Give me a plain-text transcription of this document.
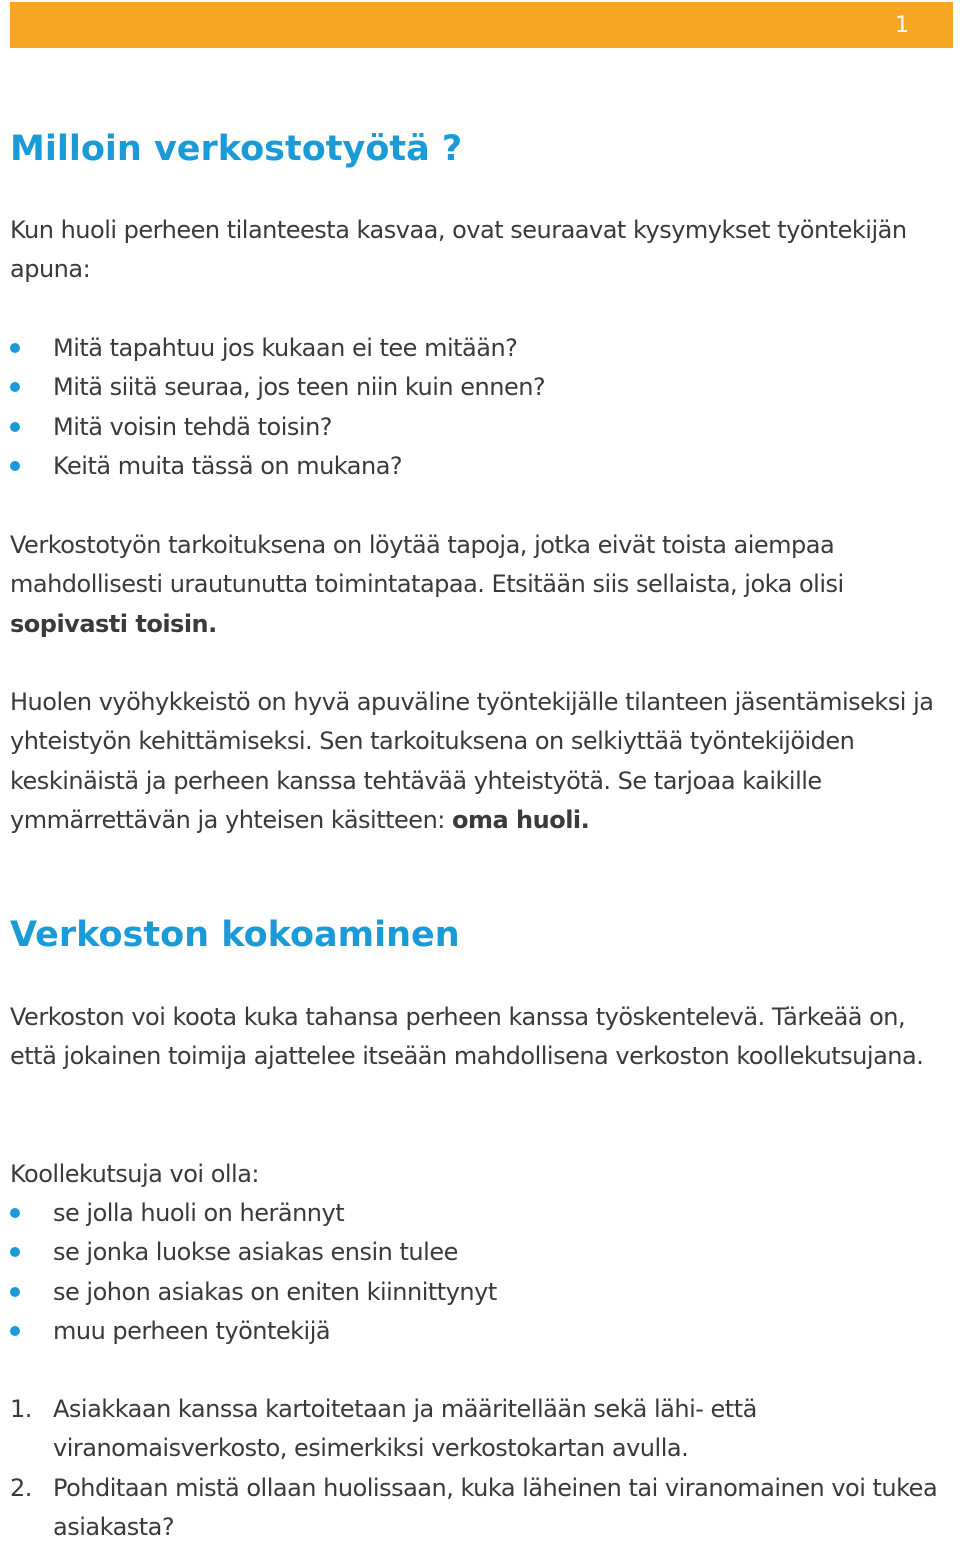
1
Milloin verkostotyötä ?

Kun huoli perheen tilanteesta kasvaa, ovat seuraavat kysymykset työntekijän apuna:

Mitä tapahtuu jos kukaan ei tee mitään?
Mitä siitä seuraa, jos teen niin kuin ennen?
Mitä voisin tehdä toisin?
Keitä muita tässä on mukana?

Verkostotyön tarkoituksena on löytää tapoja, jotka eivät toista aiempaa mahdollisesti urautunutta toimintatapaa. Etsitään siis sellaista, joka olisi sopivasti toisin.

Huolen vyöhykkeistö on hyvä apuväline työntekijälle tilanteen jäsentämiseksi ja yhteistyön kehittämiseksi. Sen tarkoituksena on selkiyttää työntekijöiden keskinäistä ja perheen kanssa tehtävää yhteistyötä. Se tarjoaa kaikille ymmärrettävän ja yhteisen käsitteen: oma huoli.

Verkoston kokoaminen

Verkoston voi koota kuka tahansa perheen kanssa työskentelevä. Tärkeää on, että jokainen toimija ajattelee itseään mahdollisena verkoston koollekutsujana.

Koollekutsuja voi olla:

se jolla huoli on herännyt
se jonka luokse asiakas ensin tulee
se johon asiakas on eniten kiinnittynyt
muu perheen työntekijä
1. Asiakkaan kanssa kartoitetaan ja määritellään sekä lähi- että viranomaisverkosto, esimerkiksi verkostokartan avulla.
2. Pohditaan mistä ollaan huolissaan, kuka läheinen tai viranomainen voi tukea asiakasta?
